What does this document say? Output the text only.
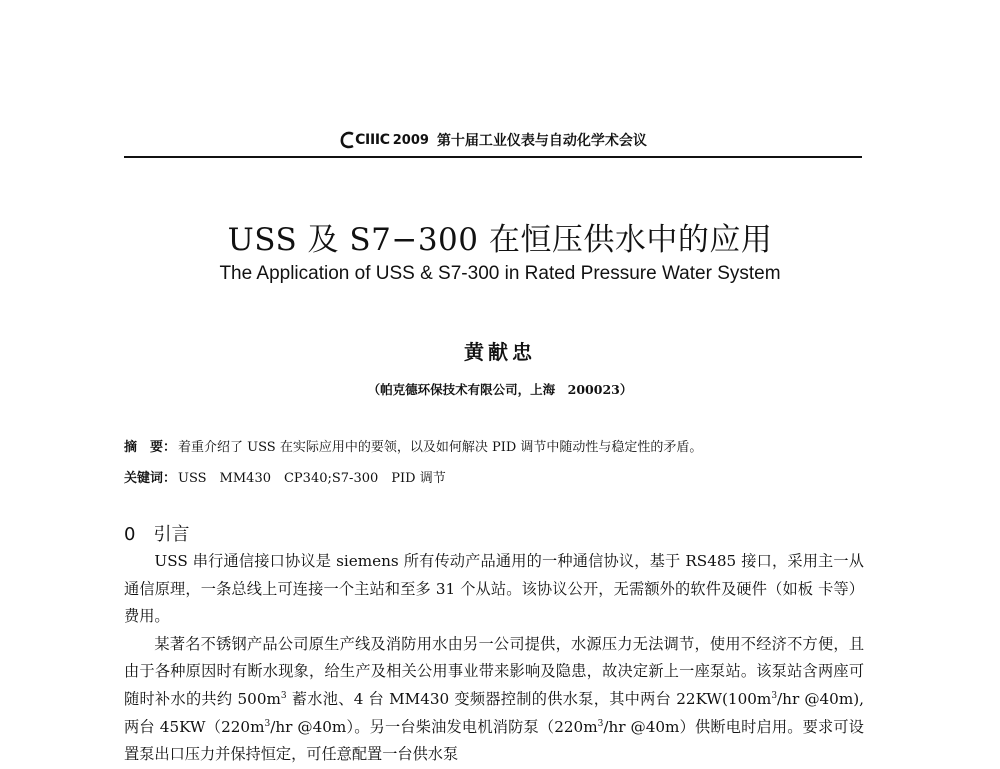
CIIIC 2009 第十届工业仪表与自动化学术会议
USS 及 S7−300 在恒压供水中的应用
The Application of USS & S7-300 in Rated Pressure Water System
黄献忠
（帕克德环保技术有限公司，上海　200023）
摘　要： 着重介绍了 USS 在实际应用中的要领，以及如何解决 PID 调节中随动性与稳定性的矛盾。
关键词： USS　MM430　CP340;S7-300　PID 调节
0 引言

USS 串行通信接口协议是 siemens 所有传动产品通用的一种通信协议，基于 RS485 接口，采用主一从通信原理，一条总线上可连接一个主站和至多 31 个从站。该协议公开，无需额外的软件及硬件（如板 卡等）费用。

某著名不锈钢产品公司原生产线及消防用水由另一公司提供，水源压力无法调节，使用不经济不方便，且由于各种原因时有断水现象，给生产及相关公用事业带来影响及隐患，故决定新上一座泵站。该泵站含两座可随时补水的共约 $500m^3$ 蓄水池、4 台 MM430 变频器控制的供水泵，其中两台 $22KW(100m^3/hr$ @40m), 两台 $45KW(220m^3/hr$ @40m）。另一台柴油发电机消防泵（$220m^3/hr$ @40m）供断电时启用。要求可设置泵出口压力并保持恒定，可任意配置一台供水泵
